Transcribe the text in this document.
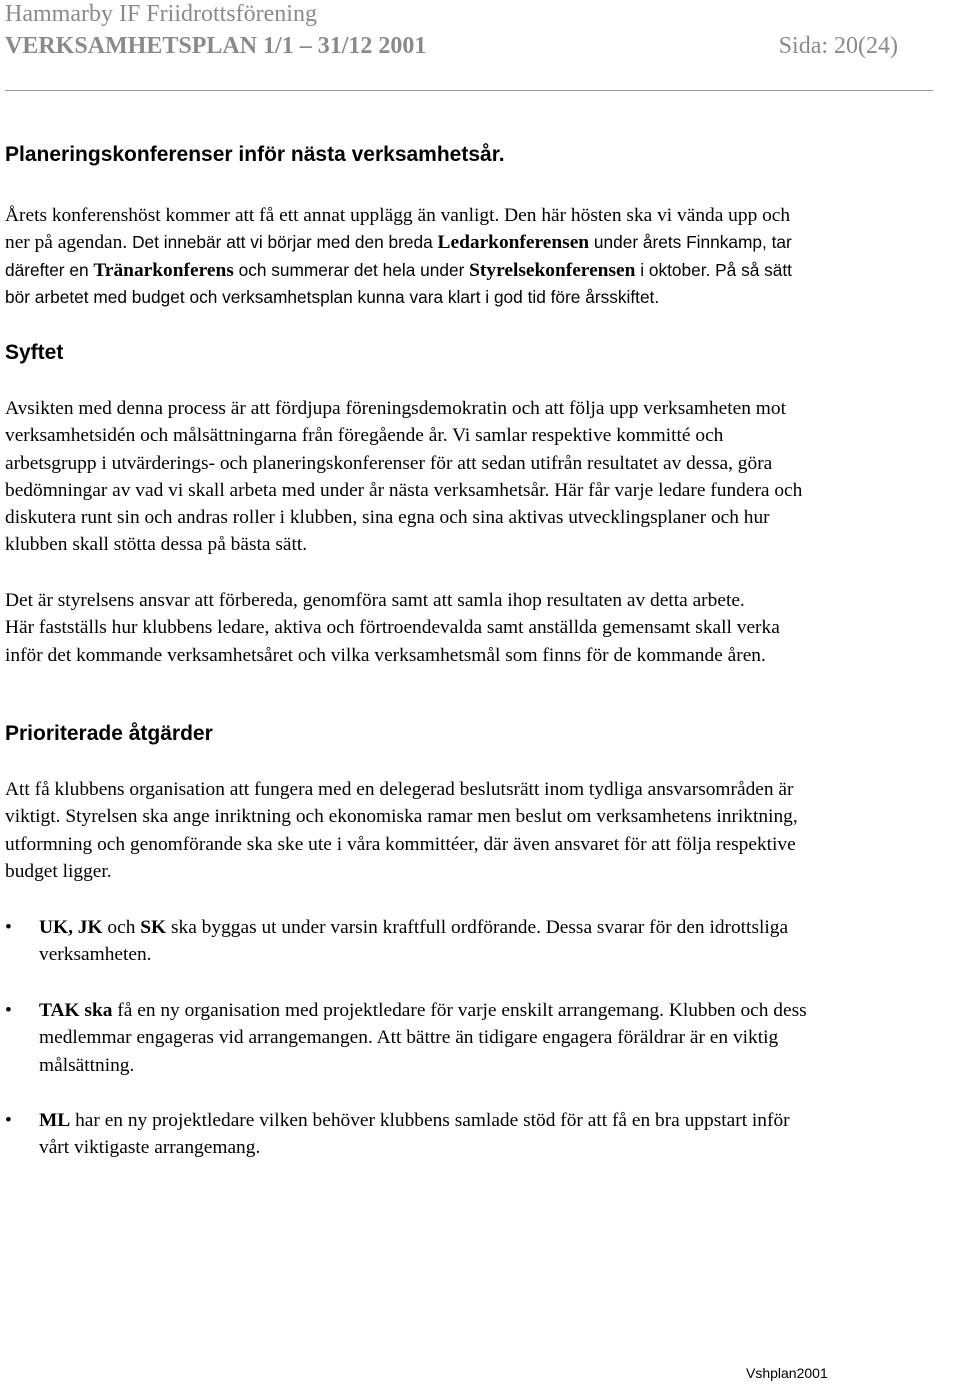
Hammarby IF Friidrottsförening
VERKSAMHETSPLAN 1/1 – 31/12 2001	Sida: 20(24)
Planeringskonferenser inför nästa verksamhetsår.

Årets konferenshöst kommer att få ett annat upplägg än vanligt. Den här hösten ska vi vända upp och
ner på agendan. Det innebär att vi börjar med den breda Ledarkonferensen under årets Finnkamp, tar

därefter en Tränarkonferens och summerar det hela under Styrelsekonferensen i oktober. På så sätt
bör arbetet med budget och verksamhetsplan kunna vara klart i god tid före årsskiftet.

Syftet

Avsikten med denna process är att fördjupa föreningsdemokratin och att följa upp verksamheten mot
verksamhetsidén och målsättningarna från föregående år. Vi samlar respektive kommitté och
arbetsgrupp i utvärderings- och planeringskonferenser för att sedan utifrån resultatet av dessa, göra
bedömningar av vad vi skall arbeta med under år nästa verksamhetsår. Här får varje ledare fundera och
diskutera runt sin och andras roller i klubben, sina egna och sina aktivas utvecklingsplaner och hur
klubben skall stötta dessa på bästa sätt.

Det är styrelsens ansvar att förbereda, genomföra samt att samla ihop resultaten av detta arbete.
Här fastställs hur klubbens ledare, aktiva och förtroendevalda samt anställda gemensamt skall verka
inför det kommande verksamhetsåret och vilka verksamhetsmål som finns för de kommande åren.

Prioriterade åtgärder

Att få klubbens organisation att fungera med en delegerad beslutsrätt inom tydliga ansvarsområden är
viktigt. Styrelsen ska ange inriktning och ekonomiska ramar men beslut om verksamhetens inriktning,
utformning och genomförande ska ske ute i våra kommittéer, där även ansvaret för att följa respektive
budget ligger.

• UK, JK och SK ska byggas ut under varsin kraftfull ordförande. Dessa svarar för den idrottsliga
verksamheten.
• TAK ska få en ny organisation med projektledare för varje enskilt arrangemang. Klubben och dess
medlemmar engageras vid arrangemangen. Att bättre än tidigare engagera föräldrar är en viktig
målsättning.
• ML har en ny projektledare vilken behöver klubbens samlade stöd för att få en bra uppstart inför
vårt viktigaste arrangemang.
Vshplan2001
